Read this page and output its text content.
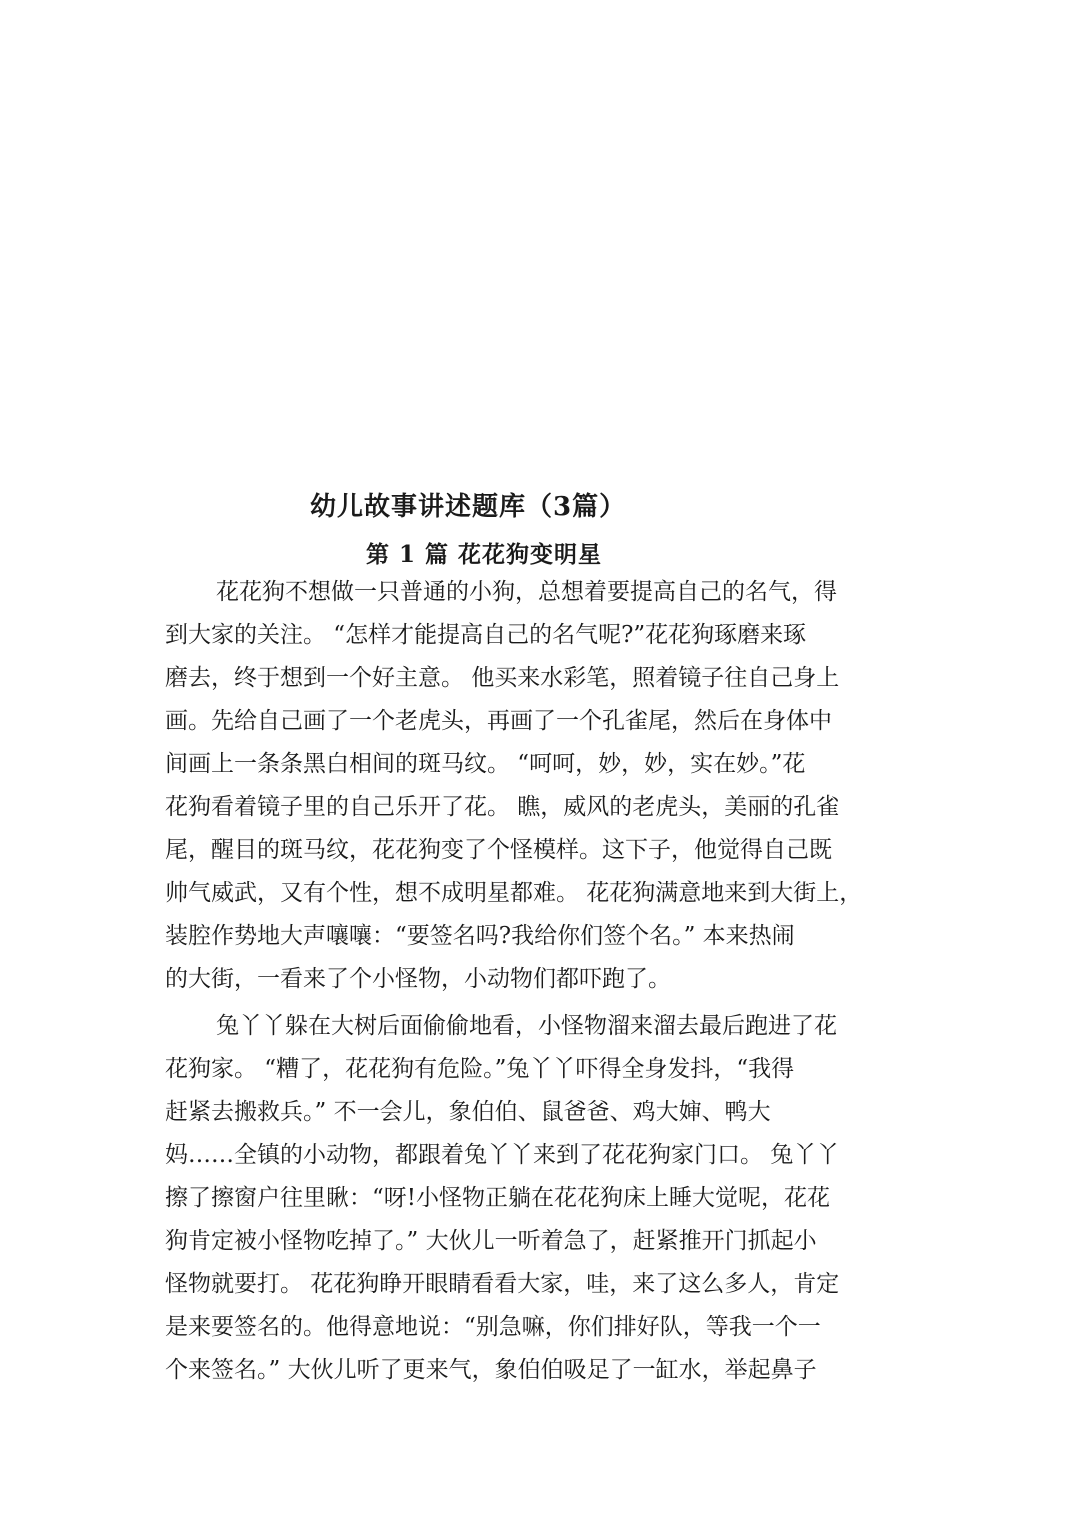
幼儿故事讲述题库（3篇）
第 1 篇 花花狗变明星

花花狗不想做一只普通的小狗，总想着要提高自己的名气，得

到大家的关注。 “怎样才能提高自己的名气呢?”花花狗琢磨来琢

磨去，终于想到一个好主意。 他买来水彩笔，照着镜子往自己身上

画。先给自己画了一个老虎头，再画了一个孔雀尾，然后在身体中

间画上一条条黑白相间的斑马纹。 “呵呵，妙，妙，实在妙。”花

花狗看着镜子里的自己乐开了花。 瞧，威风的老虎头，美丽的孔雀

尾，醒目的斑马纹，花花狗变了个怪模样。这下子，他觉得自己既

帅气威武，又有个性，想不成明星都难。 花花狗满意地来到大街上，

装腔作势地大声嚷嚷：“要签名吗?我给你们签个名。” 本来热闹

的大街，一看来了个小怪物，小动物们都吓跑了。

兔丫丫躲在大树后面偷偷地看，小怪物溜来溜去最后跑进了花

花狗家。 “糟了，花花狗有危险。”兔丫丫吓得全身发抖，“我得

赶紧去搬救兵。” 不一会儿，象伯伯、鼠爸爸、鸡大婶、鸭大

妈……全镇的小动物，都跟着兔丫丫来到了花花狗家门口。 兔丫丫

擦了擦窗户往里瞅：“呀!小怪物正躺在花花狗床上睡大觉呢，花花

狗肯定被小怪物吃掉了。” 大伙儿一听着急了，赶紧推开门抓起小

怪物就要打。 花花狗睁开眼睛看看大家，哇，来了这么多人，肯定

是来要签名的。他得意地说：“别急嘛，你们排好队，等我一个一

个来签名。” 大伙儿听了更来气，象伯伯吸足了一缸水，举起鼻子
